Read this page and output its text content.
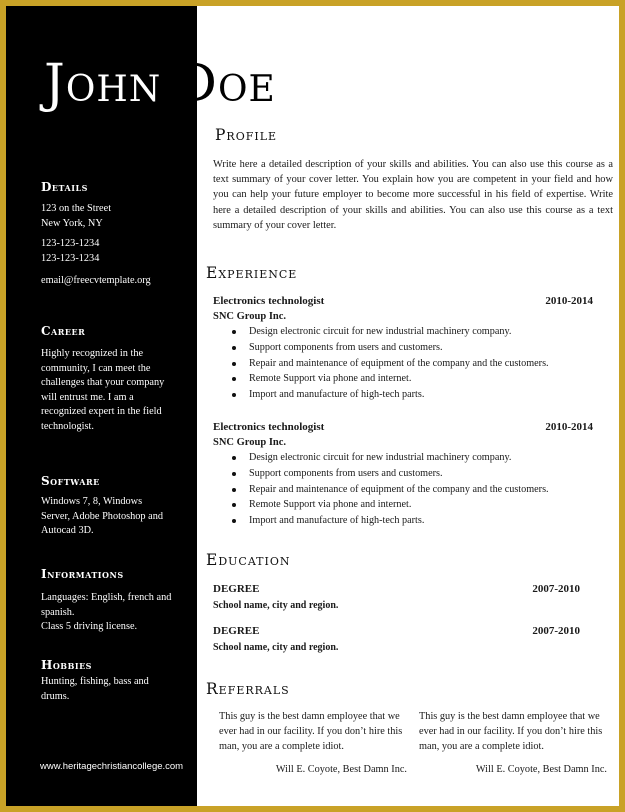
Details

123 on the Street

New York, NY

123-123-1234

123-123-1234

email@freecvtemplate.org

Career
Highly recognized in the community, I can meet the challenges that your company will entrust me. I am a recognized expert in the field technologist.
Software
Windows 7, 8, Windows Server, Adobe Photoshop and Autocad 3D.
Informations

Languages: English, french and spanish.

Class 5 driving license.

Hobbies
Hunting, fishing, bass and drums.
www.heritagechristiancollege.com
John Doe
Profile

Write here a detailed description of your skills and abilities. You can also use this course as a text summary of your cover letter. You explain how you are competent in your field and how you can help your future employer to become more successful in his field of expertise. Write here a detailed description of your skills and abilities. You can also use this course as a text summary of your cover letter.

Experience
Electronics technologist	2010-2014
SNC Group Inc.
Design electronic circuit for new industrial machinery company.
Support components from users and customers.
Repair and maintenance of equipment of the company and the customers.
Remote Support via phone and internet.
Import and manufacture of high-tech parts.
Electronics technologist	2010-2014
SNC Group Inc.
Design electronic circuit for new industrial machinery company.
Support components from users and customers.
Repair and maintenance of equipment of the company and the customers.
Remote Support via phone and internet.
Import and manufacture of high-tech parts.
Education
DEGREE	2007-2010
School name, city and region.
DEGREE	2007-2010
School name, city and region.
Referrals

This guy is the best damn employee that we ever had in our facility. If you don’t hire this man, you are a complete idiot.

Will E. Coyote, Best Damn Inc.

This guy is the best damn employee that we ever had in our facility. If you don’t hire this man, you are a complete idiot.

Will E. Coyote, Best Damn Inc.
